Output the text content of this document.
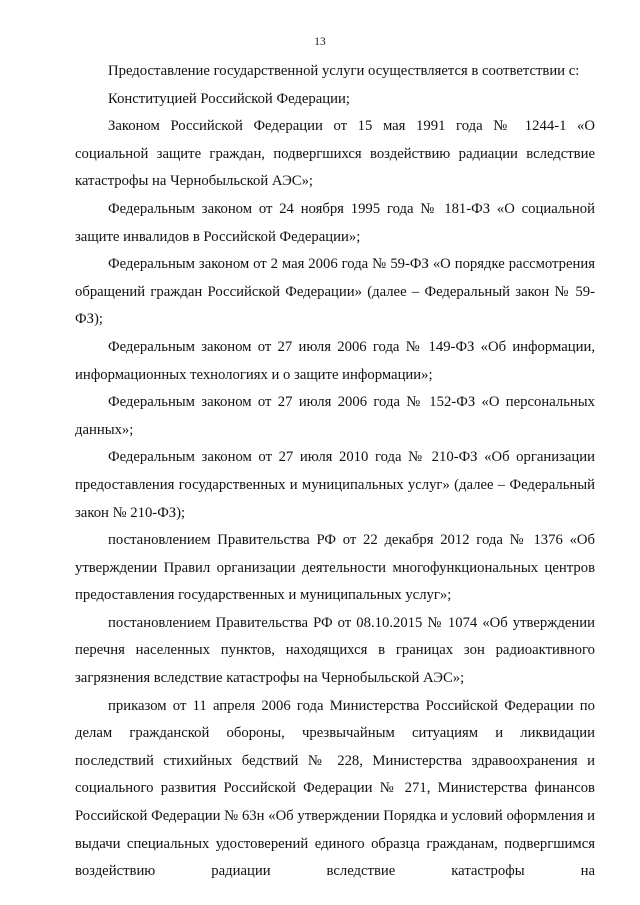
13

Предоставление государственной услуги осуществляется в соответствии с:

Конституцией Российской Федерации;

Законом Российской Федерации от 15 мая 1991 года № 1244-1 «О социальной защите граждан, подвергшихся воздействию радиации вследствие катастрофы на Чернобыльской АЭС»;

Федеральным законом от 24 ноября 1995 года № 181-ФЗ «О социальной защите инвалидов в Российской Федерации»;

Федеральным законом от 2 мая 2006 года № 59-ФЗ «О порядке рассмотрения обращений граждан Российской Федерации» (далее – Федеральный закон № 59-ФЗ);

Федеральным законом от 27 июля 2006 года № 149-ФЗ «Об информации, информационных технологиях и о защите информации»;

Федеральным законом от 27 июля 2006 года № 152-ФЗ «О персональных данных»;

Федеральным законом от 27 июля 2010 года № 210-ФЗ «Об организации предоставления государственных и муниципальных услуг» (далее – Федеральный закон № 210-ФЗ);

постановлением Правительства РФ от 22 декабря 2012 года № 1376 «Об утверждении Правил организации деятельности многофункциональных центров предоставления государственных и муниципальных услуг»;

постановлением Правительства РФ от 08.10.2015 № 1074 «Об утверждении перечня населенных пунктов, находящихся в границах зон радиоактивного загрязнения вследствие катастрофы на Чернобыльской АЭС»;

приказом от 11 апреля 2006 года Министерства Российской Федерации по делам гражданской обороны, чрезвычайным ситуациям и ликвидации последствий стихийных бедствий № 228, Министерства здравоохранения и социального развития Российской Федерации № 271, Министерства финансов Российской Федерации № 63н «Об утверждении Порядка и условий оформления и выдачи специальных удостоверений единого образца гражданам, подвергшимся воздействию радиации вследствие катастрофы на
